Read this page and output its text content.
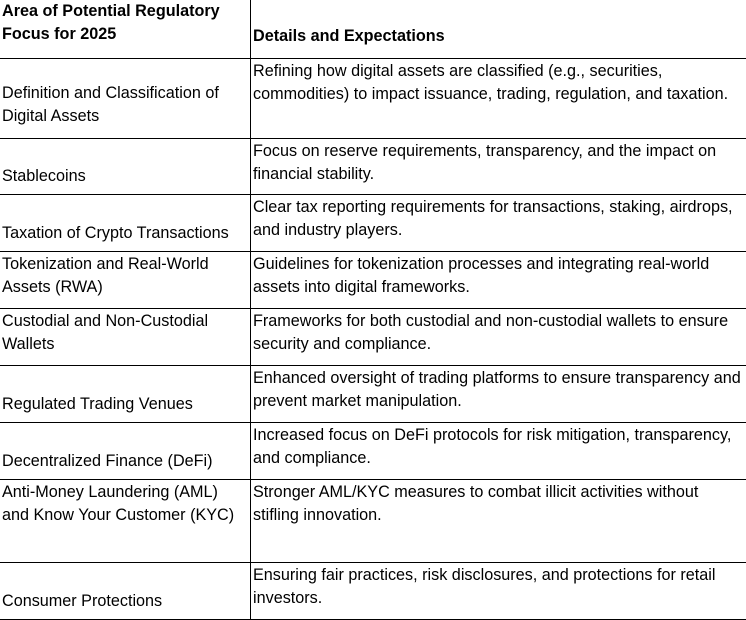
Area of Potential Regulatory Focus for 2025	Details and Expectations
Definition and Classification of Digital Assets	Refining how digital assets are classified (e.g., securities, commodities) to impact issuance, trading, regulation, and taxation.
Stablecoins	Focus on reserve requirements, transparency, and the impact on financial stability.
Taxation of Crypto Transactions	Clear tax reporting requirements for transactions, staking, airdrops, and industry players.
Tokenization and Real-World Assets (RWA)	Guidelines for tokenization processes and integrating real-world assets into digital frameworks.
Custodial and Non-Custodial Wallets	Frameworks for both custodial and non-custodial wallets to ensure security and compliance.
Regulated Trading Venues	Enhanced oversight of trading platforms to ensure transparency and prevent market manipulation.
Decentralized Finance (DeFi)	Increased focus on DeFi protocols for risk mitigation, transparency, and compliance.
Anti-Money Laundering (AML) and Know Your Customer (KYC)	Stronger AML/KYC measures to combat illicit activities without stifling innovation.
Consumer Protections	Ensuring fair practices, risk disclosures, and protections for retail investors.
